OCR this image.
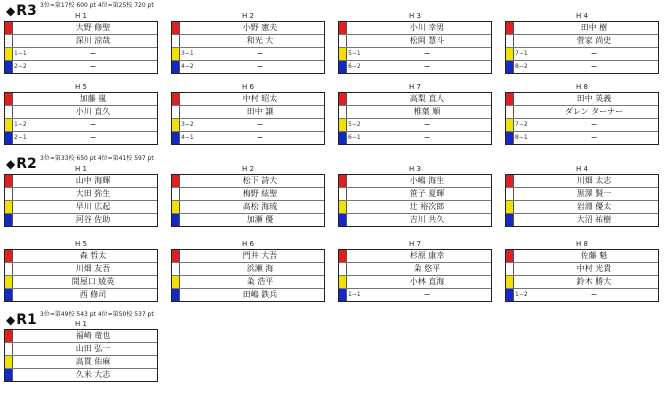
◆R3 3位=第17校 600 pt 4位=第25校 720 pt
H 1
大野 修聖
深川 涼哉
1−1	−
2−2	−
H 2
小野 憲夫
和光 大
3−1	−
4−2	−
H 3
小川 幸男
松岡 慧斗
5−1	−
6−2	−
H 4
田中 樹
菅家 尚史
7−1	−
8−2	−
H 5
加藤 嵐
小川 直久
1−2	−
2−1	−
H 6
中村 昭太
田中 譲
3−2	−
4−1	−
H 7
高梨 直人
椎葉 順
5−2	−
6−1	−
H 8
田中 英義
ダレン ターナー
7−2	−
8−1	−
◆R2 3位=第33校 650 pt 4位=第41校 597 pt
H 1
山中 海輝
大田 弥生
早川 広起
河谷 佐助
H 2
松下 詩大
梅野 絃聖
高松 海琉
加瀬 優
H 3
小嶋 海生
笹子 夏輝
辻 裕次郎
吉川 共久
H 4
川畑 太志
黒澤 賢一
岩淵 優太
大沼 祐樹
H 5
森 哲太
川畑 友吾
間屋口 綾英
西 修司
H 6
門井 大吾
浜瀬 海
粂 浩平
田嶋 鉄兵
H 7
杉原 康幸
粂 悠平
小林 直海
1−1	−
H 8
佐藤 魁
中村 光貴
鈴木 勝大
1−2	−
◆R1 3位=第49校 543 pt 4位=第50校 537 pt
H 1
福崎 竜也
山田 弘一
高貫 佑麻
久米 大志
